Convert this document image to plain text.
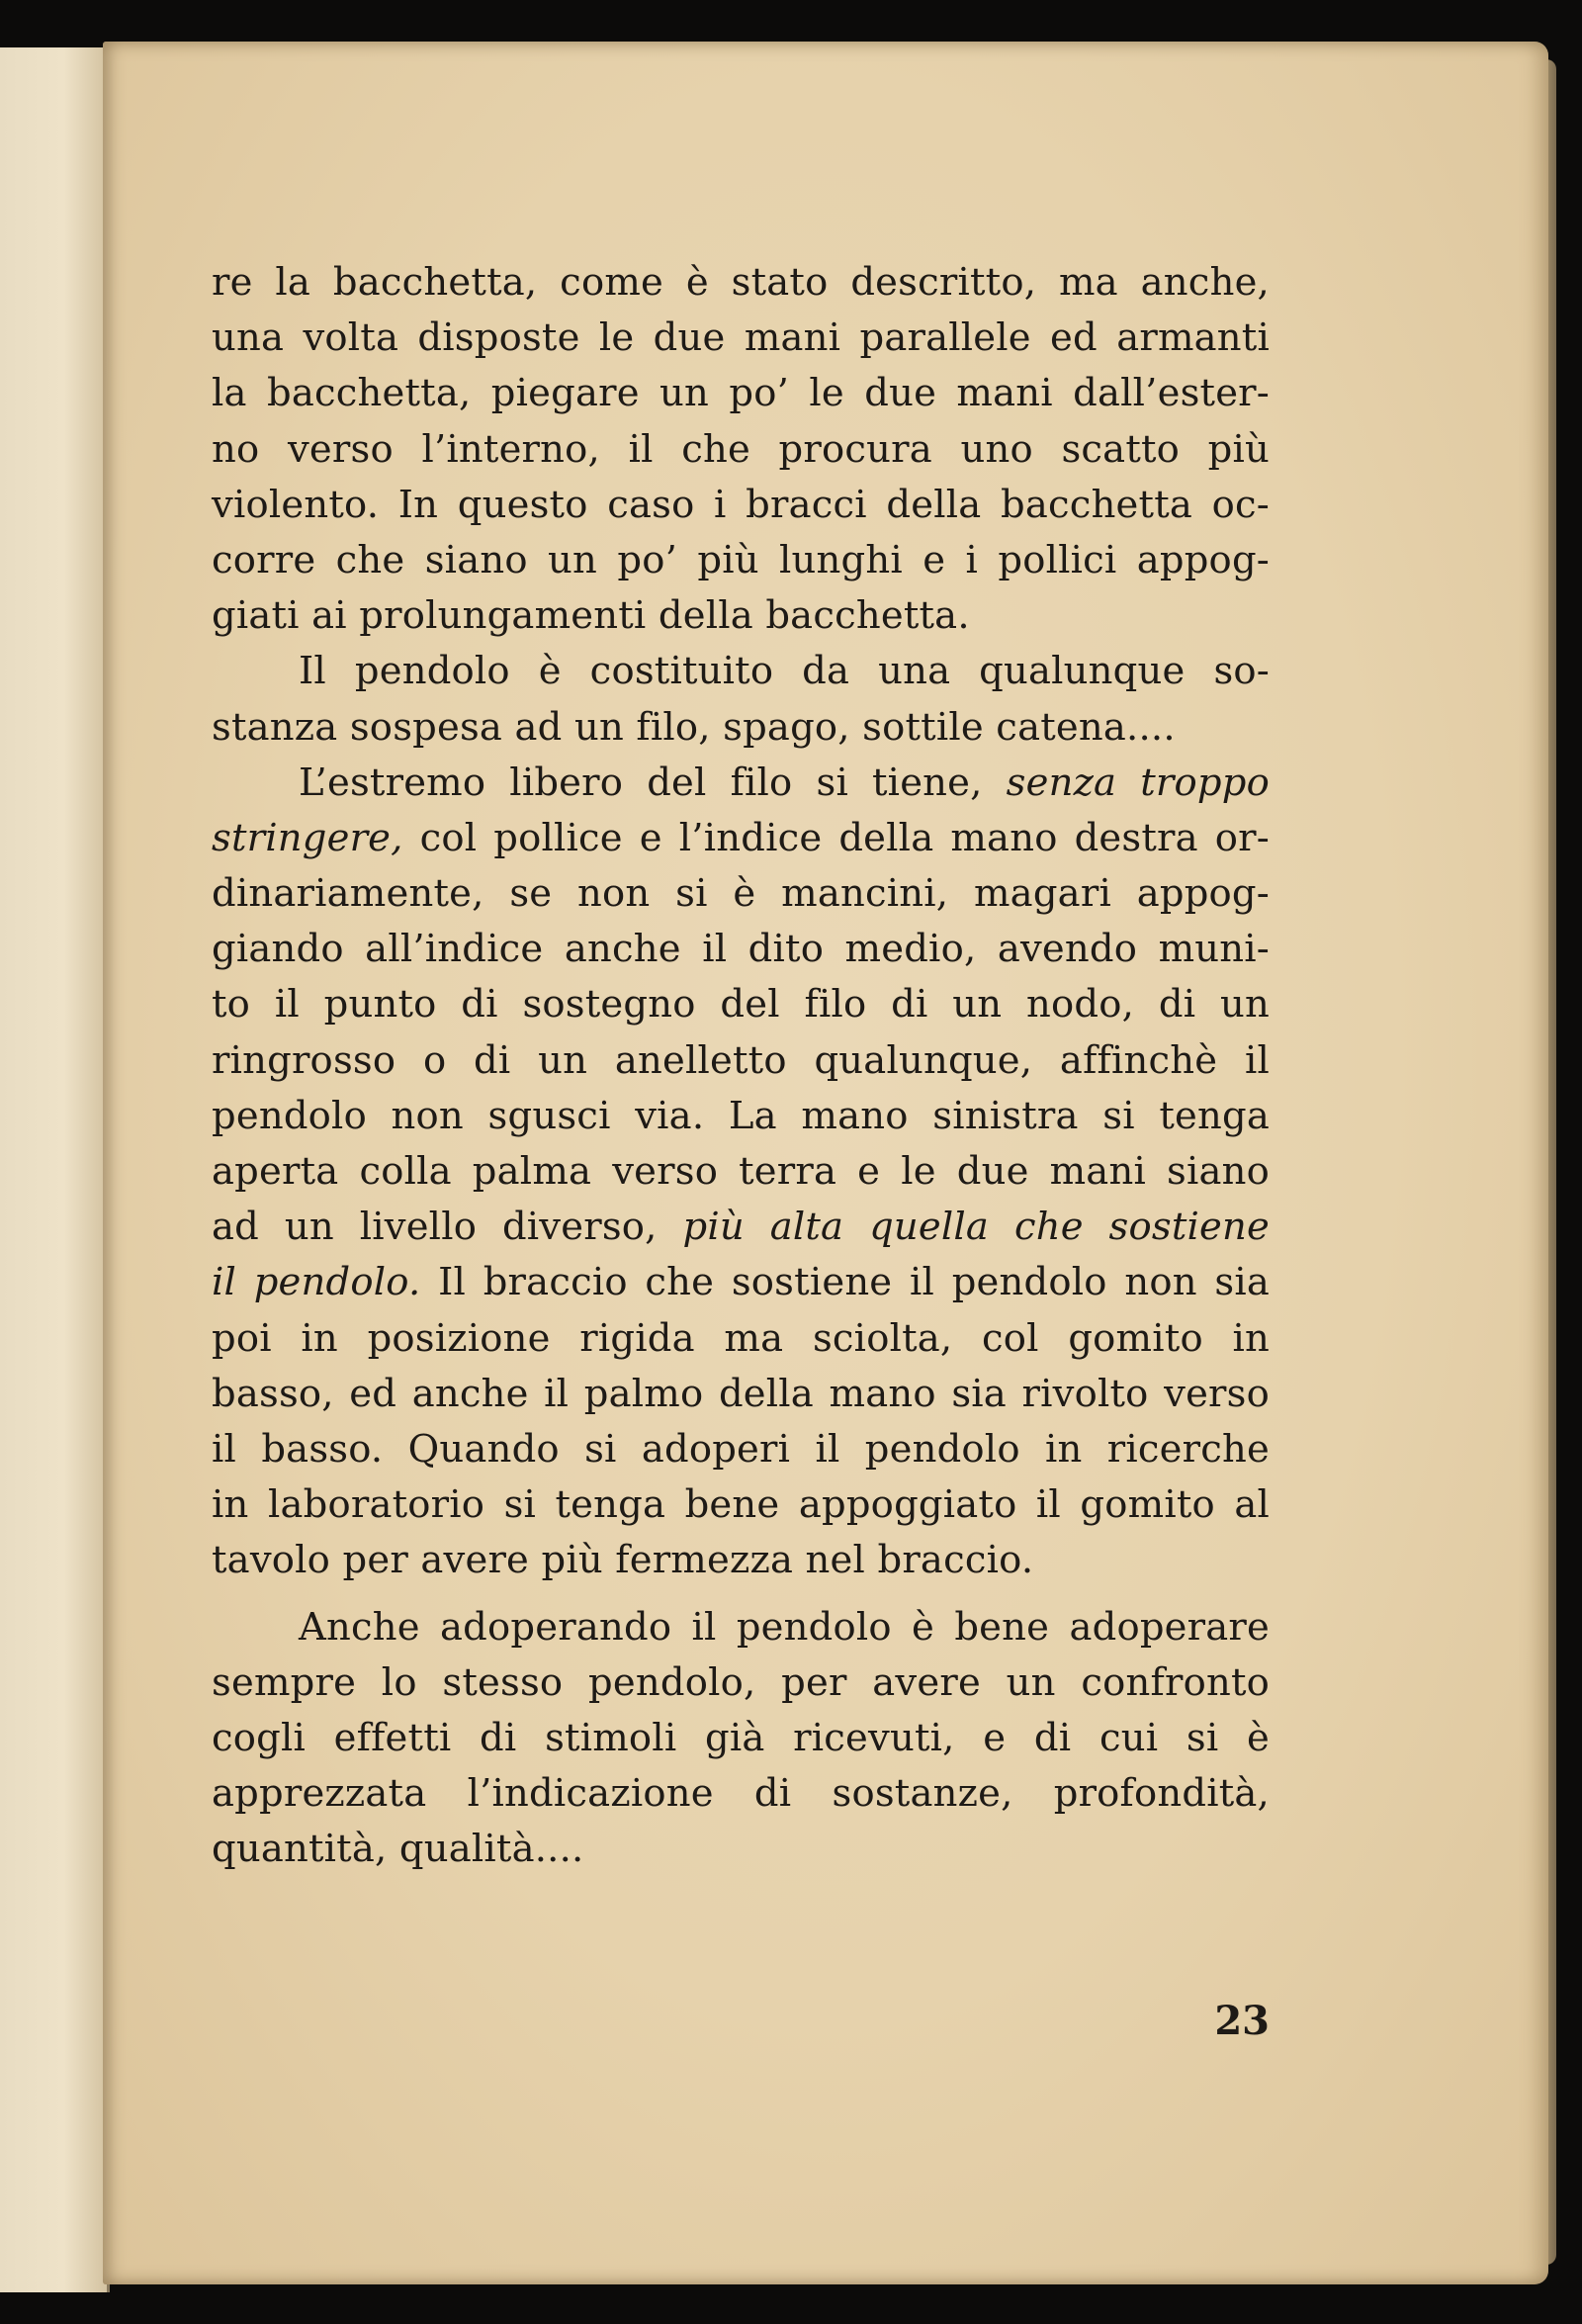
re la bacchetta, come è stato descritto, ma anche,
una volta disposte le due mani parallele ed armanti
la bacchetta, piegare un po’ le due mani dall’ester-
no verso l’interno, il che procura uno scatto più
violento. In questo caso i bracci della bacchetta oc-
corre che siano un po’ più lunghi e i pollici appog-
giati ai prolungamenti della bacchetta.
Il pendolo è costituito da una qualunque so-
stanza sospesa ad un filo, spago, sottile catena....
L’estremo libero del filo si tiene, senza troppo
stringere, col pollice e l’indice della mano destra or-
dinariamente, se non si è mancini, magari appog-
giando all’indice anche il dito medio, avendo muni-
to il punto di sostegno del filo di un nodo, di un
ringrosso o di un anelletto qualunque, affinchè il
pendolo non sgusci via. La mano sinistra si tenga
aperta colla palma verso terra e le due mani siano
ad un livello diverso, più alta quella che sostiene
il pendolo. Il braccio che sostiene il pendolo non sia
poi in posizione rigida ma sciolta, col gomito in
basso, ed anche il palmo della mano sia rivolto verso
il basso. Quando si adoperi il pendolo in ricerche
in laboratorio si tenga bene appoggiato il gomito al
tavolo per avere più fermezza nel braccio.
Anche adoperando il pendolo è bene adoperare
sempre lo stesso pendolo, per avere un confronto
cogli effetti di stimoli già ricevuti, e di cui si è
apprezzata l’indicazione di sostanze, profondità,
quantità, qualità....
23
